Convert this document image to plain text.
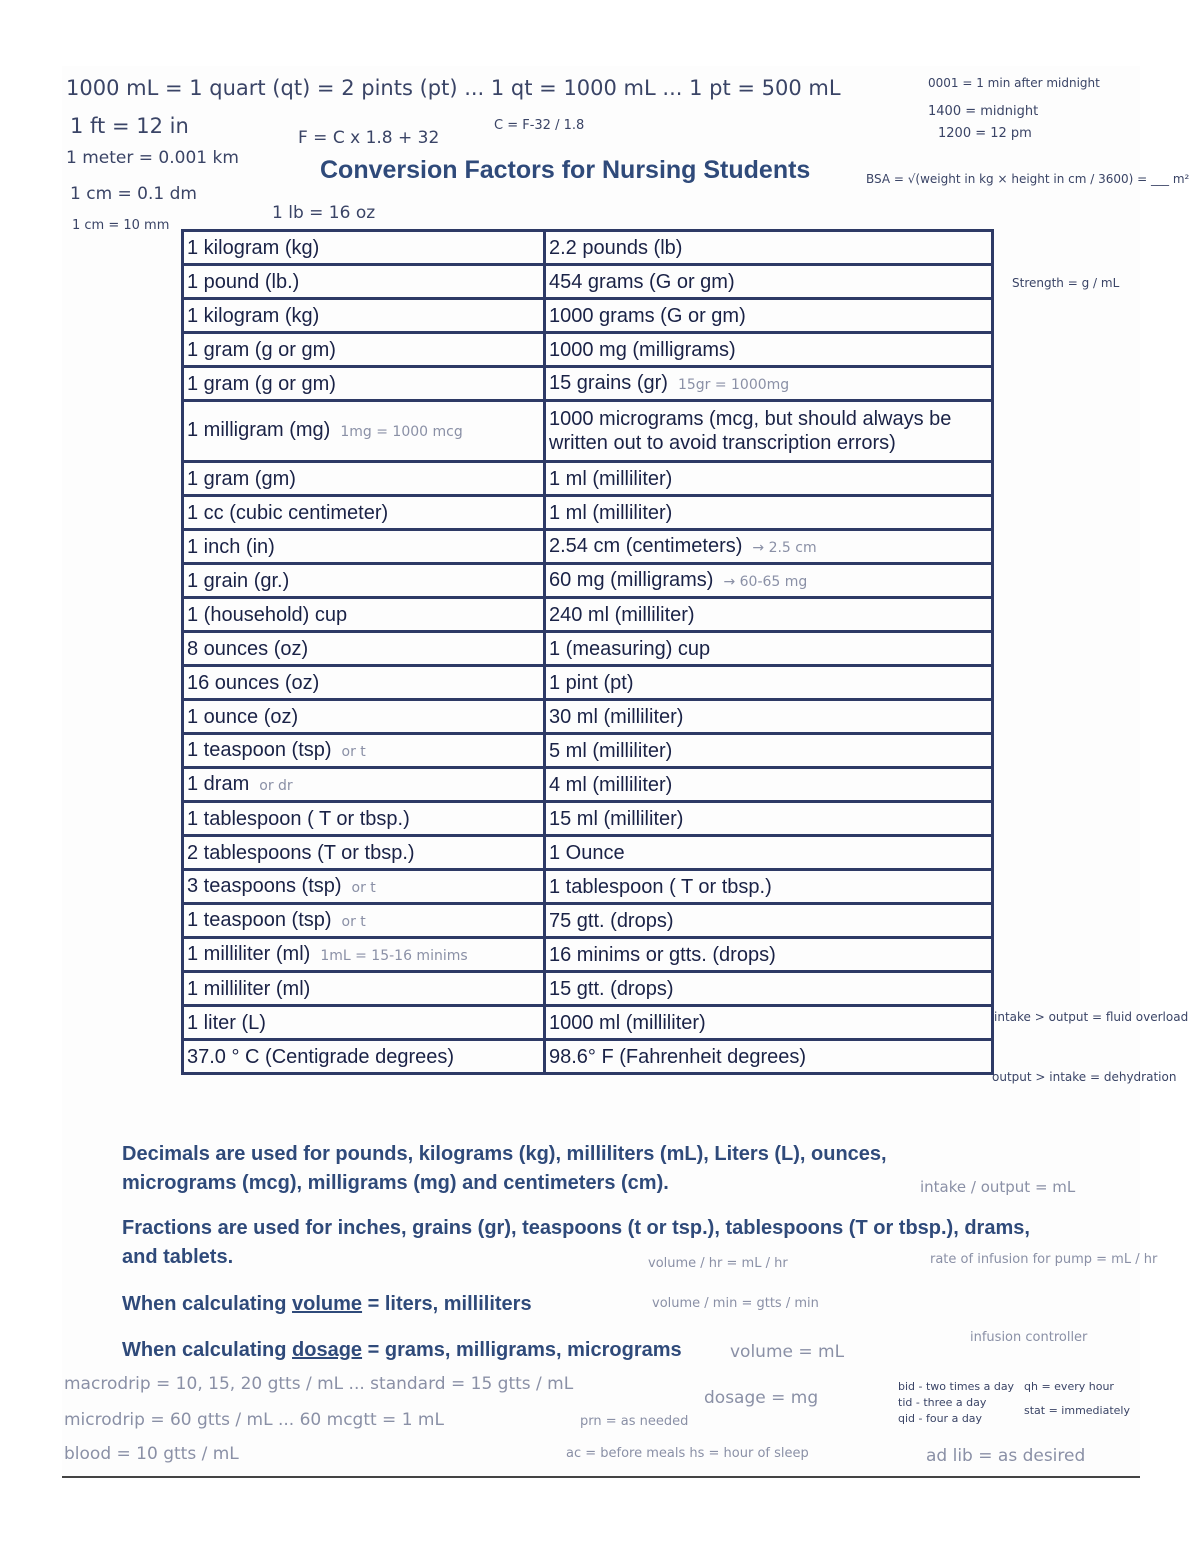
1000 mL = 1 quart (qt) = 2 pints (pt) ... 1 qt = 1000 mL ... 1 pt = 500 mL
1 ft = 12 in
1 meter = 0.001 km
1 cm = 0.1 dm
1 cm = 10 mm
F = C x 1.8 + 32
C = F-32 / 1.8
1 lb = 16 oz
0001 = 1 min after midnight
1400 = midnight
1200 = 12 pm
BSA = √(weight in kg × height in cm / 3600) = ___ m²
Strength = g / mL
Conversion Factors for Nursing Students
1 kilogram (kg)	2.2 pounds (lb)
1 pound (lb.)	454 grams (G or gm)
1 kilogram (kg)	1000 grams (G or gm)
1 gram (g or gm)	1000 mg (milligrams)
1 gram (g or gm)	15 grains (gr) 15gr = 1000mg
1 milligram (mg) 1mg = 1000 mcg	1000 micrograms (mcg, but should always be written out to avoid transcription errors)
1 gram (gm)	1 ml (milliliter)
1 cc (cubic centimeter)	1 ml (milliliter)
1 inch (in)	2.54 cm (centimeters) → 2.5 cm
1 grain (gr.)	60 mg (milligrams) → 60-65 mg
1 (household) cup	240 ml (milliliter)
8 ounces (oz)	1 (measuring) cup
16 ounces (oz)	1 pint (pt)
1 ounce (oz)	30 ml (milliliter)
1 teaspoon (tsp) or t	5 ml (milliliter)
1 dram or dr	4 ml (milliliter)
1 tablespoon ( T or tbsp.)	15 ml (milliliter)
2 tablespoons (T or tbsp.)	1 Ounce
3 teaspoons (tsp) or t	1 tablespoon ( T or tbsp.)
1 teaspoon (tsp) or t	75 gtt. (drops)
1 milliliter (ml) 1mL = 15-16 minims	16 minims or gtts. (drops)
1 milliliter (ml)	15 gtt. (drops)
1 liter (L)	1000 ml (milliliter)
37.0 ° C (Centigrade degrees)	98.6° F (Fahrenheit degrees)
intake > output = fluid overload
output > intake = dehydration
intake / output = mL
rate of infusion for pump = mL / hr
infusion controller
volume / hr = mL / hr
volume / min = gtts / min
volume = mL
dosage = mg
Decimals are used for pounds, kilograms (kg), milliliters (mL), Liters (L), ounces, micrograms (mcg), milligrams (mg) and centimeters (cm).
Fractions are used for inches, grains (gr), teaspoons (t or tsp.), tablespoons (T or tbsp.), drams, and tablets.
When calculating volume = liters, milliliters
When calculating dosage = grams, milligrams, micrograms
macrodrip = 10, 15, 20 gtts / mL ... standard = 15 gtts / mL
microdrip = 60 gtts / mL ... 60 mcgtt = 1 mL
blood = 10 gtts / mL
prn = as needed
ac = before meals hs = hour of sleep
bid - two times a day
tid - three a day
qid - four a day
qh = every hour
stat = immediately
ad lib = as desired
